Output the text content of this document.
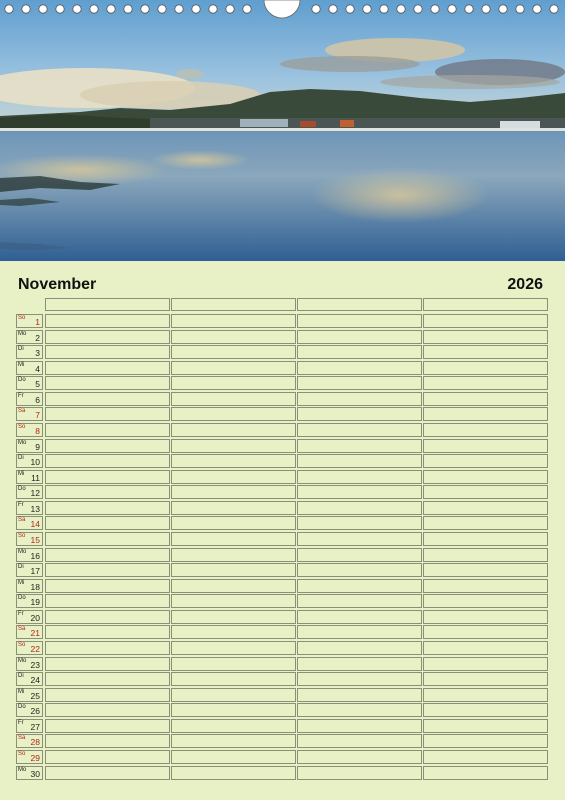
November	2026
So 1
Mo 2
Di 3
Mi 4
Do 5
Fr 6
Sa 7
So 8
Mo 9
Di 10
Mi 11
Do 12
Fr 13
Sa 14
So 15
Mo 16
Di 17
Mi 18
Do 19
Fr 20
Sa 21
So 22
Mo 23
Di 24
Mi 25
Do 26
Fr 27
Sa 28
So 29
Mo 30
